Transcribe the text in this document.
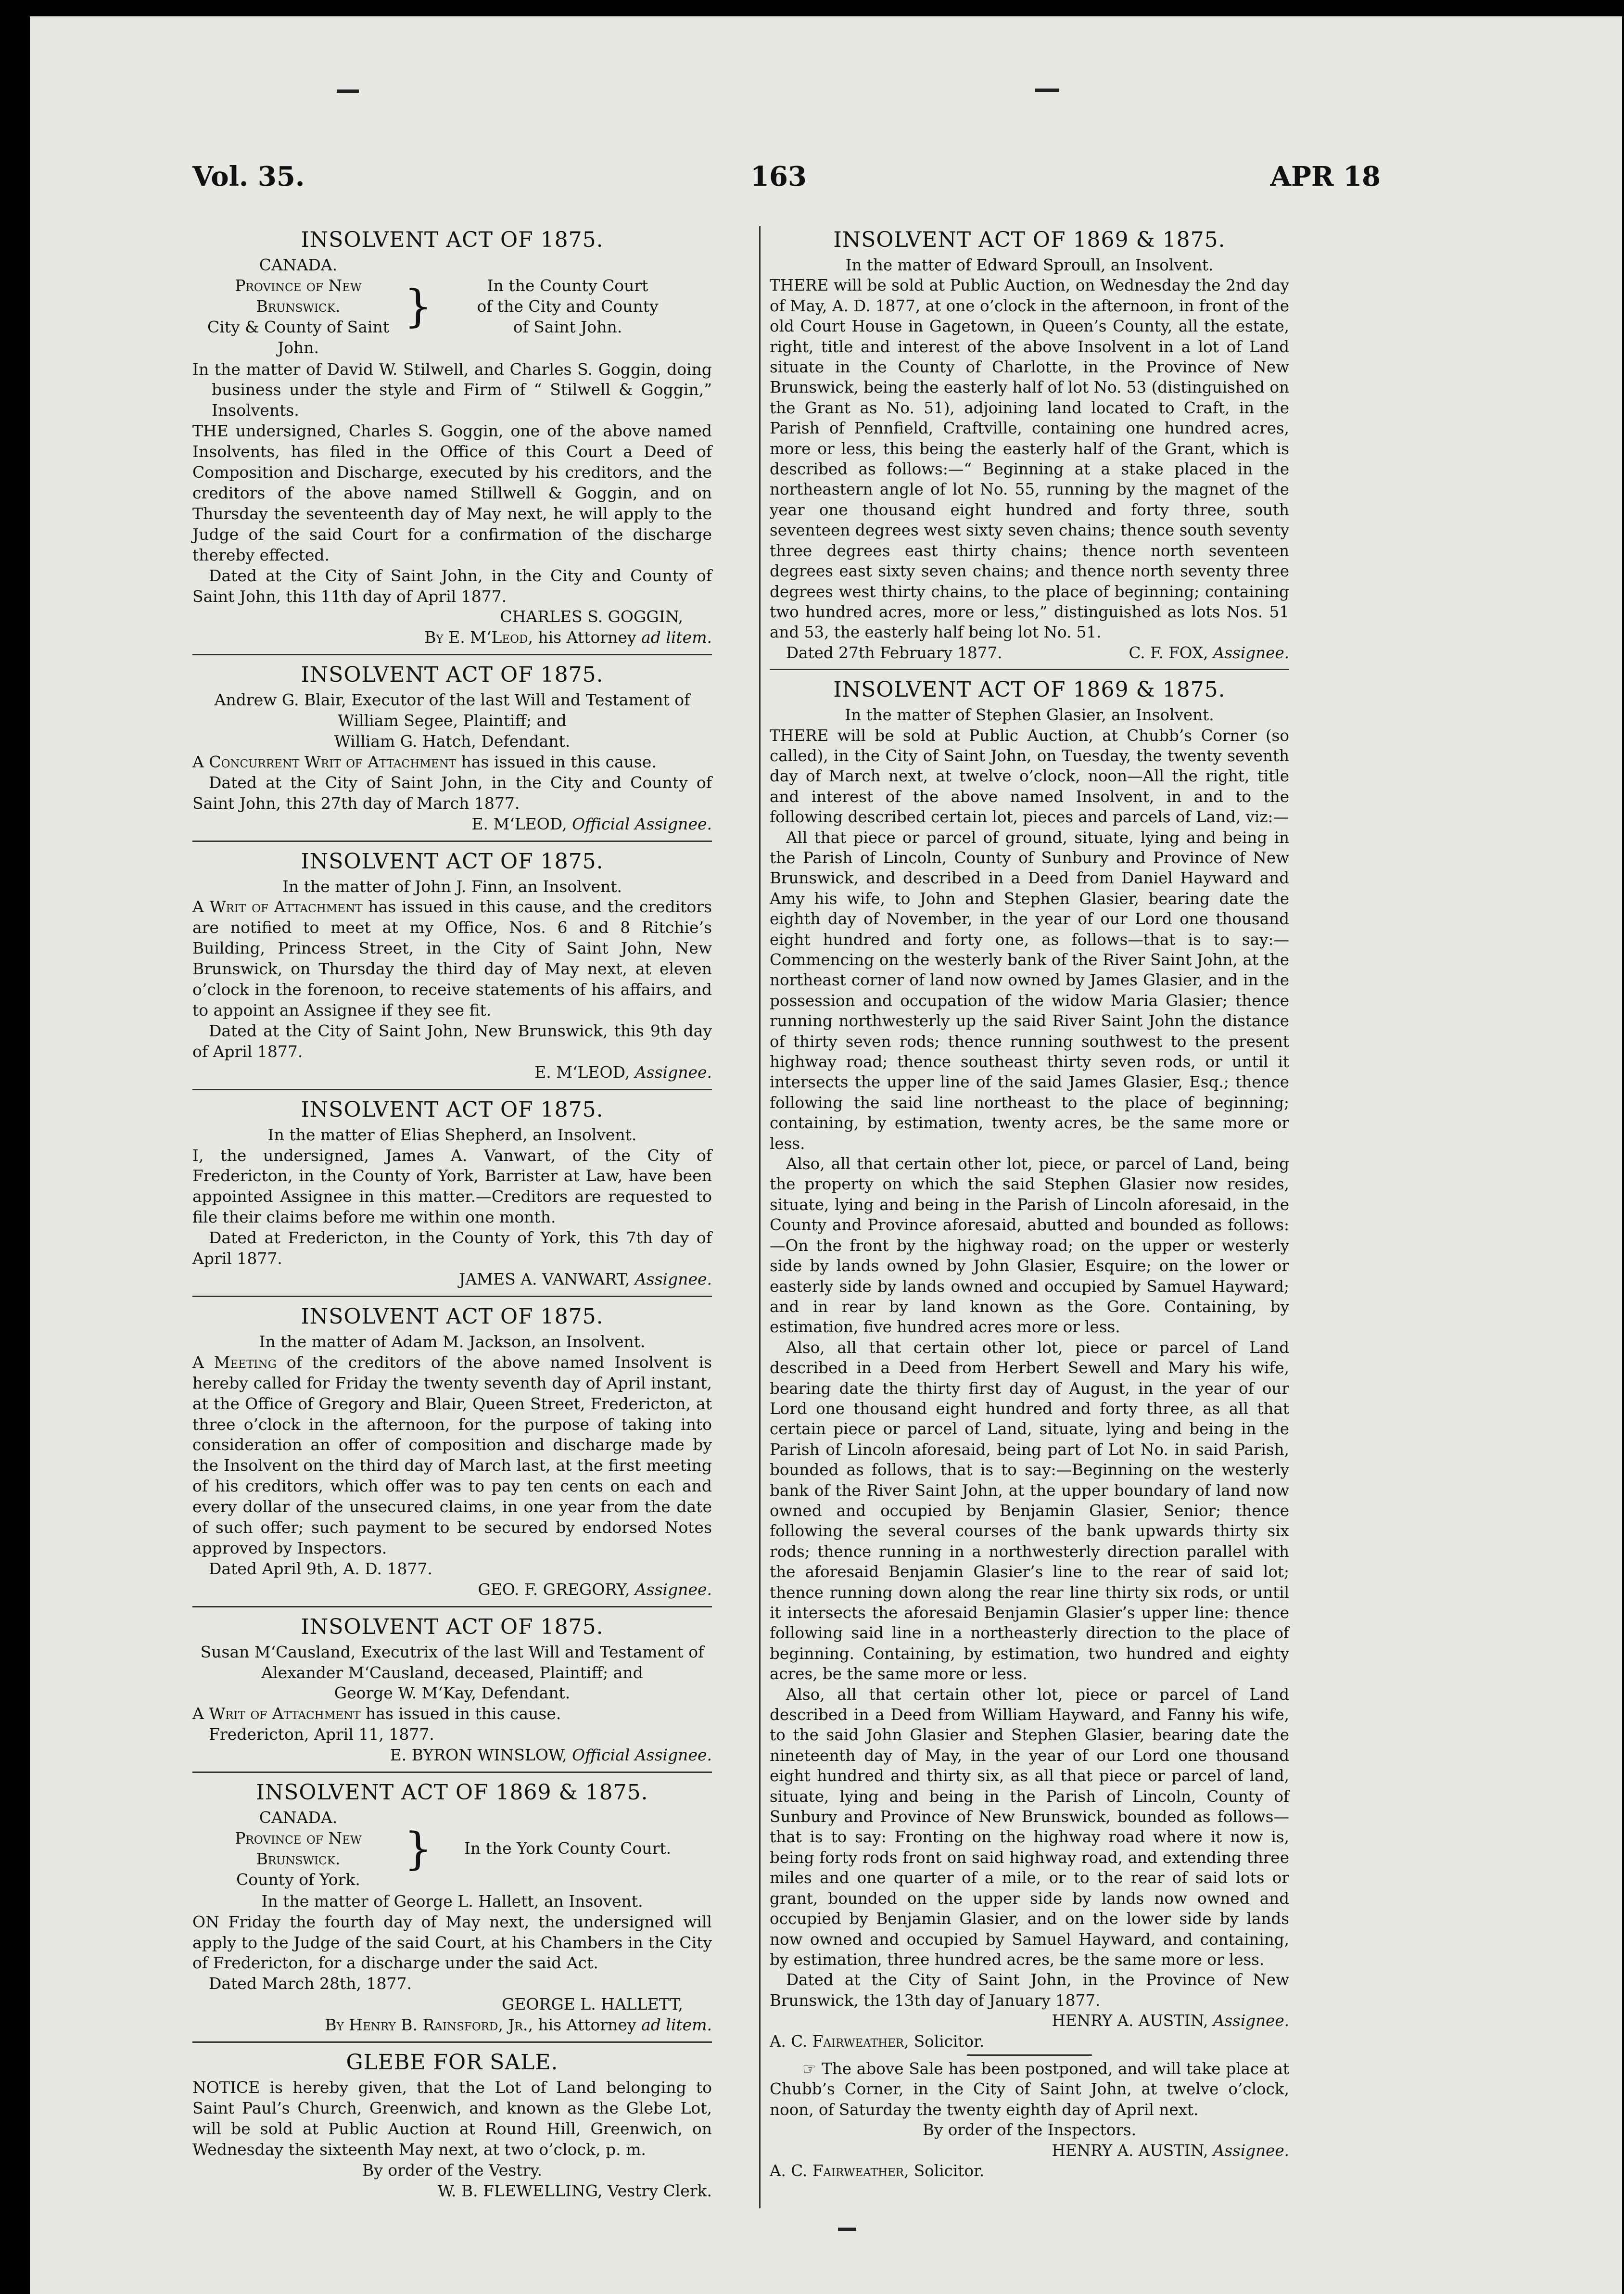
Vol. 35.	163	APR 18
INSOLVENT ACT OF 1875.
CANADA.
Province of New Brunswick.
City & County of Saint John.
}	In the County Court
of the City and County
of Saint John.

In the matter of David W. Stilwell, and Charles S. Goggin, doing business under the style and Firm of “ Stilwell & Goggin,” Insolvents.

THE undersigned, Charles S. Goggin, one of the above named Insolvents, has filed in the Office of this Court a Deed of Composition and Discharge, executed by his creditors, and the creditors of the above named Stillwell & Goggin, and on Thursday the seventeenth day of May next, he will apply to the Judge of the said Court for a confirmation of the discharge thereby effected.

Dated at the City of Saint John, in the City and County of Saint John, this 11th day of April 1877.

CHARLES S. GOGGIN,

By E. M‘Leod, his Attorney ad litem.

INSOLVENT ACT OF 1875.

Andrew G. Blair, Executor of the last Will and Testament of William Segee, Plaintiff; and

William G. Hatch, Defendant.

A Concurrent Writ of Attachment has issued in this cause.

Dated at the City of Saint John, in the City and County of Saint John, this 27th day of March 1877.

E. M‘LEOD, Official Assignee.

INSOLVENT ACT OF 1875.

In the matter of John J. Finn, an Insolvent.

A Writ of Attachment has issued in this cause, and the creditors are notified to meet at my Office, Nos. 6 and 8 Ritchie’s Building, Princess Street, in the City of Saint John, New Brunswick, on Thursday the third day of May next, at eleven o’clock in the forenoon, to receive statements of his affairs, and to appoint an Assignee if they see fit.

Dated at the City of Saint John, New Brunswick, this 9th day of April 1877.

E. M‘LEOD, Assignee.

INSOLVENT ACT OF 1875.

In the matter of Elias Shepherd, an Insolvent.

I, the undersigned, James A. Vanwart, of the City of Fredericton, in the County of York, Barrister at Law, have been appointed Assignee in this matter.—Creditors are requested to file their claims before me within one month.

Dated at Fredericton, in the County of York, this 7th day of April 1877.

JAMES A. VANWART, Assignee.

INSOLVENT ACT OF 1875.

In the matter of Adam M. Jackson, an Insolvent.

A Meeting of the creditors of the above named Insolvent is hereby called for Friday the twenty seventh day of April instant, at the Office of Gregory and Blair, Queen Street, Fredericton, at three o’clock in the afternoon, for the purpose of taking into consideration an offer of composition and discharge made by the Insolvent on the third day of March last, at the first meeting of his creditors, which offer was to pay ten cents on each and every dollar of the unsecured claims, in one year from the date of such offer; such payment to be secured by endorsed Notes approved by Inspectors.

Dated April 9th, A. D. 1877.

GEO. F. GREGORY, Assignee.

INSOLVENT ACT OF 1875.

Susan M‘Causland, Executrix of the last Will and Testament of Alexander M‘Causland, deceased, Plaintiff; and

George W. M‘Kay, Defendant.

A Writ of Attachment has issued in this cause.

Fredericton, April 11, 1877.

E. BYRON WINSLOW, Official Assignee.

INSOLVENT ACT OF 1869 & 1875.
CANADA.
Province of New Brunswick.
County of York.
}	In the York County Court.

In the matter of George L. Hallett, an Insovent.

ON Friday the fourth day of May next, the undersigned will apply to the Judge of the said Court, at his Chambers in the City of Fredericton, for a discharge under the said Act.

Dated March 28th, 1877.

GEORGE L. HALLETT,

By Henry B. Rainsford, Jr., his Attorney ad litem.

GLEBE FOR SALE.

NOTICE is hereby given, that the Lot of Land belonging to Saint Paul’s Church, Greenwich, and known as the Glebe Lot, will be sold at Public Auction at Round Hill, Greenwich, on Wednesday the sixteenth May next, at two o’clock, p. m.

By order of the Vestry.

W. B. FLEWELLING, Vestry Clerk.

INSOLVENT ACT OF 1869 & 1875.

In the matter of Edward Sproull, an Insolvent.

THERE will be sold at Public Auction, on Wednesday the 2nd day of May, A. D. 1877, at one o’clock in the afternoon, in front of the old Court House in Gagetown, in Queen’s County, all the estate, right, title and interest of the above Insolvent in a lot of Land situate in the County of Charlotte, in the Province of New Brunswick, being the easterly half of lot No. 53 (distinguished on the Grant as No. 51), adjoining land located to Craft, in the Parish of Pennfield, Craftville, containing one hundred acres, more or less, this being the easterly half of the Grant, which is described as follows:—“ Beginning at a stake placed in the northeastern angle of lot No. 55, running by the magnet of the year one thousand eight hundred and forty three, south seventeen degrees west sixty seven chains; thence south seventy three degrees east thirty chains; thence north seventeen degrees east sixty seven chains; and thence north seventy three degrees west thirty chains, to the place of beginning; containing two hundred acres, more or less,” distinguished as lots Nos. 51 and 53, the easterly half being lot No. 51.

Dated 27th February 1877.	C. F. FOX, Assignee.

INSOLVENT ACT OF 1869 & 1875.

In the matter of Stephen Glasier, an Insolvent.

THERE will be sold at Public Auction, at Chubb’s Corner (so called), in the City of Saint John, on Tuesday, the twenty seventh day of March next, at twelve o’clock, noon—All the right, title and interest of the above named Insolvent, in and to the following described certain lot, pieces and parcels of Land, viz:—

All that piece or parcel of ground, situate, lying and being in the Parish of Lincoln, County of Sunbury and Province of New Brunswick, and described in a Deed from Daniel Hayward and Amy his wife, to John and Stephen Glasier, bearing date the eighth day of November, in the year of our Lord one thousand eight hundred and forty one, as follows—that is to say:—Commencing on the westerly bank of the River Saint John, at the northeast corner of land now owned by James Glasier, and in the possession and occupation of the widow Maria Glasier; thence running northwesterly up the said River Saint John the distance of thirty seven rods; thence running southwest to the present highway road; thence southeast thirty seven rods, or until it intersects the upper line of the said James Glasier, Esq.; thence following the said line northeast to the place of beginning; containing, by estimation, twenty acres, be the same more or less.

Also, all that certain other lot, piece, or parcel of Land, being the property on which the said Stephen Glasier now resides, situate, lying and being in the Parish of Lincoln aforesaid, in the County and Province aforesaid, abutted and bounded as follows:—On the front by the highway road; on the upper or westerly side by lands owned by John Glasier, Esquire; on the lower or easterly side by lands owned and occupied by Samuel Hayward; and in rear by land known as the Gore. Containing, by estimation, five hundred acres more or less.

Also, all that certain other lot, piece or parcel of Land described in a Deed from Herbert Sewell and Mary his wife, bearing date the thirty first day of August, in the year of our Lord one thousand eight hundred and forty three, as all that certain piece or parcel of Land, situate, lying and being in the Parish of Lincoln aforesaid, being part of Lot No. in said Parish, bounded as follows, that is to say:—Beginning on the westerly bank of the River Saint John, at the upper boundary of land now owned and occupied by Benjamin Glasier, Senior; thence following the several courses of the bank upwards thirty six rods; thence running in a northwesterly direction parallel with the aforesaid Benjamin Glasier’s line to the rear of said lot; thence running down along the rear line thirty six rods, or until it intersects the aforesaid Benjamin Glasier’s upper line: thence following said line in a northeasterly direction to the place of beginning. Containing, by estimation, two hundred and eighty acres, be the same more or less.

Also, all that certain other lot, piece or parcel of Land described in a Deed from William Hayward, and Fanny his wife, to the said John Glasier and Stephen Glasier, bearing date the nineteenth day of May, in the year of our Lord one thousand eight hundred and thirty six, as all that piece or parcel of land, situate, lying and being in the Parish of Lincoln, County of Sunbury and Province of New Brunswick, bounded as follows—that is to say: Fronting on the highway road where it now is, being forty rods front on said highway road, and extending three miles and one quarter of a mile, or to the rear of said lots or grant, bounded on the upper side by lands now owned and occupied by Benjamin Glasier, and on the lower side by lands now owned and occupied by Samuel Hayward, and containing, by estimation, three hundred acres, be the same more or less.

Dated at the City of Saint John, in the Province of New Brunswick, the 13th day of January 1877.

HENRY A. AUSTIN, Assignee.

A. C. Fairweather, Solicitor.

☞ The above Sale has been postponed, and will take place at Chubb’s Corner, in the City of Saint John, at twelve o’clock, noon, of Saturday the twenty eighth day of April next.

By order of the Inspectors.

HENRY A. AUSTIN, Assignee.

A. C. Fairweather, Solicitor.
